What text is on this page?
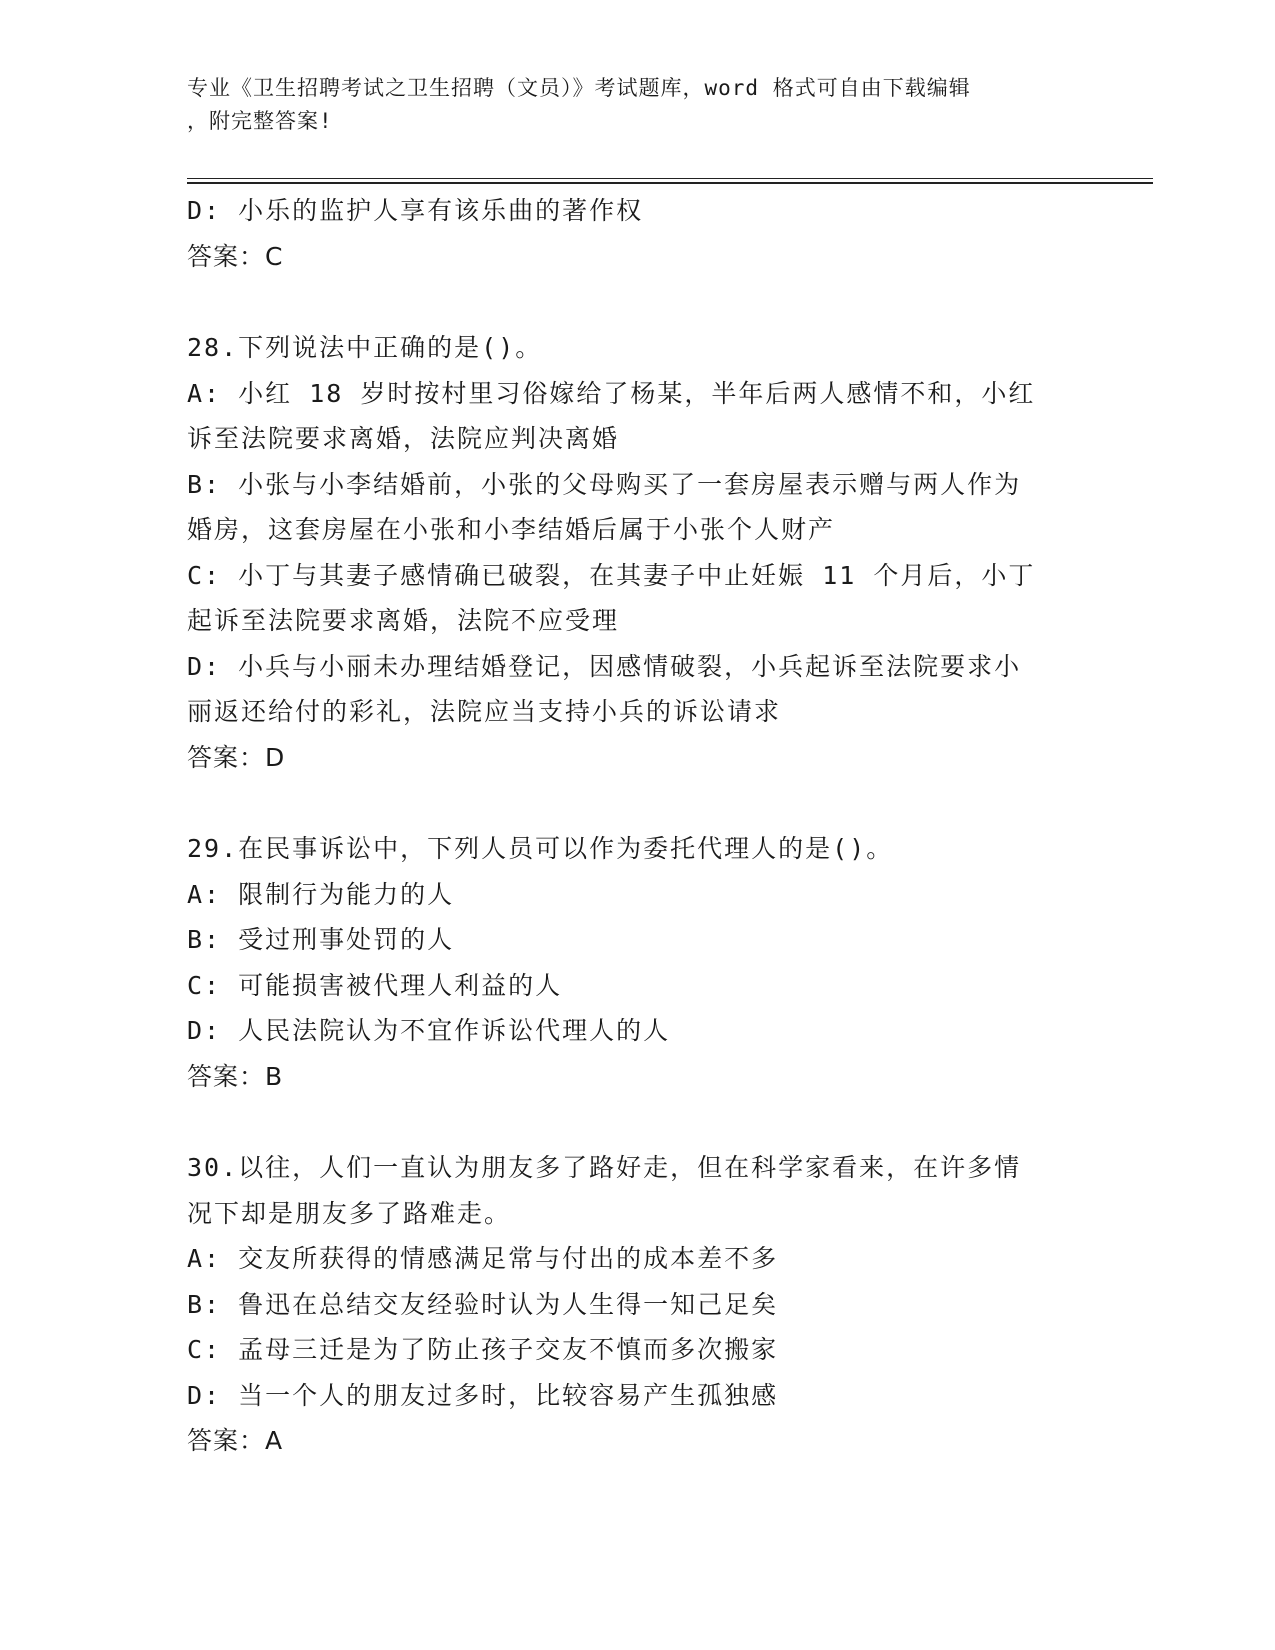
专业《卫生招聘考试之卫生招聘（文员）》考试题库，word 格式可自由下载编辑
，附完整答案!
D: 小乐的监护人享有该乐曲的著作权
答案：C
28.下列说法中正确的是()。
A: 小红 18 岁时按村里习俗嫁给了杨某，半年后两人感情不和，小红
诉至法院要求离婚，法院应判决离婚
B: 小张与小李结婚前，小张的父母购买了一套房屋表示赠与两人作为
婚房，这套房屋在小张和小李结婚后属于小张个人财产
C: 小丁与其妻子感情确已破裂，在其妻子中止妊娠 11 个月后，小丁
起诉至法院要求离婚，法院不应受理
D: 小兵与小丽未办理结婚登记，因感情破裂，小兵起诉至法院要求小
丽返还给付的彩礼，法院应当支持小兵的诉讼请求
答案：D
29.在民事诉讼中，下列人员可以作为委托代理人的是()。
A: 限制行为能力的人
B: 受过刑事处罚的人
C: 可能损害被代理人利益的人
D: 人民法院认为不宜作诉讼代理人的人
答案：B
30.以往，人们一直认为朋友多了路好走，但在科学家看来，在许多情
况下却是朋友多了路难走。
A: 交友所获得的情感满足常与付出的成本差不多
B: 鲁迅在总结交友经验时认为人生得一知己足矣
C: 孟母三迁是为了防止孩子交友不慎而多次搬家
D: 当一个人的朋友过多时，比较容易产生孤独感
答案：A
